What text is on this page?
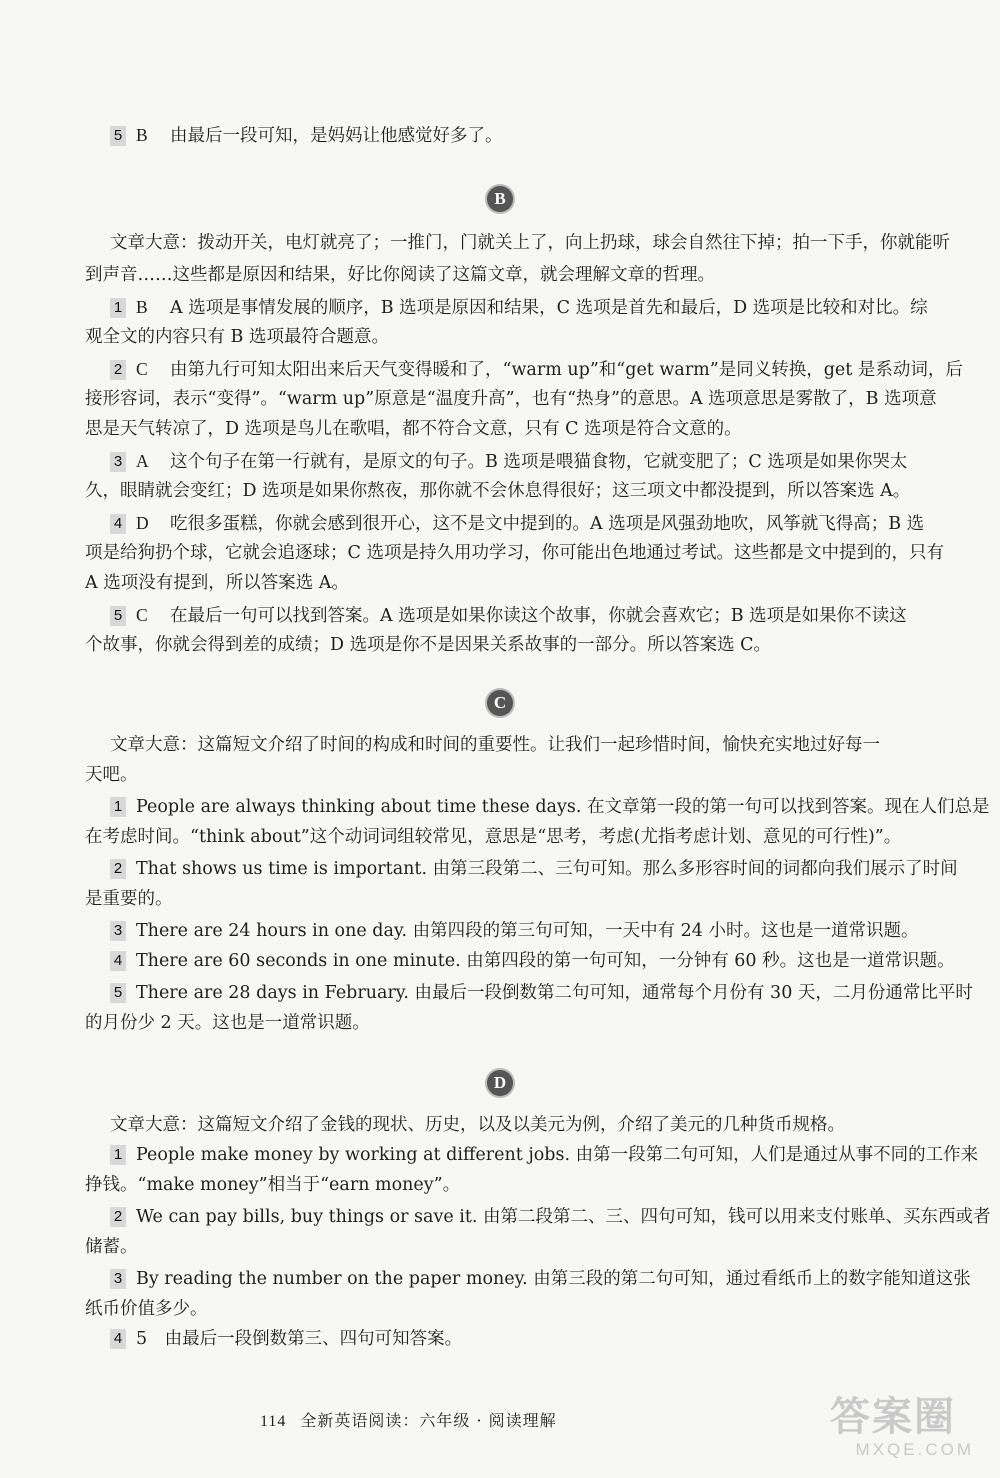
5 B 由最后一段可知，是妈妈让他感觉好多了。
B
文章大意：拨动开关，电灯就亮了；一推门，门就关上了，向上扔球，球会自然往下掉；拍一下手，你就能听
到声音……这些都是原因和结果，好比你阅读了这篇文章，就会理解文章的哲理。
1 B A 选项是事情发展的顺序，B 选项是原因和结果，C 选项是首先和最后，D 选项是比较和对比。综
观全文的内容只有 B 选项最符合题意。
2 C 由第九行可知太阳出来后天气变得暖和了，“warm up”和“get warm”是同义转换，get 是系动词，后
接形容词，表示“变得”。“warm up”原意是“温度升高”，也有“热身”的意思。A 选项意思是雾散了，B 选项意
思是天气转凉了，D 选项是鸟儿在歌唱，都不符合文意，只有 C 选项是符合文意的。
3 A 这个句子在第一行就有，是原文的句子。B 选项是喂猫食物，它就变肥了；C 选项是如果你哭太
久，眼睛就会变红；D 选项是如果你熬夜，那你就不会休息得很好；这三项文中都没提到，所以答案选 A。
4 D 吃很多蛋糕，你就会感到很开心，这不是文中提到的。A 选项是风强劲地吹，风筝就飞得高；B 选
项是给狗扔个球，它就会追逐球；C 选项是持久用功学习，你可能出色地通过考试。这些都是文中提到的，只有
A 选项没有提到，所以答案选 A。
5 C 在最后一句可以找到答案。A 选项是如果你读这个故事，你就会喜欢它；B 选项是如果你不读这
个故事，你就会得到差的成绩；D 选项是你不是因果关系故事的一部分。所以答案选 C。
C
文章大意：这篇短文介绍了时间的构成和时间的重要性。让我们一起珍惜时间，愉快充实地过好每一
天吧。
1 People are always thinking about time these days. 在文章第一段的第一句可以找到答案。现在人们总是
在考虑时间。“think about”这个动词词组较常见，意思是“思考，考虑(尤指考虑计划、意见的可行性)”。
2 That shows us time is important. 由第三段第二、三句可知。那么多形容时间的词都向我们展示了时间
是重要的。
3 There are 24 hours in one day. 由第四段的第三句可知，一天中有 24 小时。这也是一道常识题。
4 There are 60 seconds in one minute. 由第四段的第一句可知，一分钟有 60 秒。这也是一道常识题。
5 There are 28 days in February. 由最后一段倒数第二句可知，通常每个月份有 30 天，二月份通常比平时
的月份少 2 天。这也是一道常识题。
D
文章大意：这篇短文介绍了金钱的现状、历史，以及以美元为例，介绍了美元的几种货币规格。
1 People make money by working at different jobs. 由第一段第二句可知，人们是通过从事不同的工作来
挣钱。“make money”相当于“earn money”。
2 We can pay bills, buy things or save it. 由第二段第二、三、四句可知，钱可以用来支付账单、买东西或者
储蓄。
3 By reading the number on the paper money. 由第三段的第二句可知，通过看纸币上的数字能知道这张
纸币价值多少。
4 5　由最后一段倒数第三、四句可知答案。
114 全新英语阅读：六年级 · 阅读理解	答案圈
MXQE.COM
